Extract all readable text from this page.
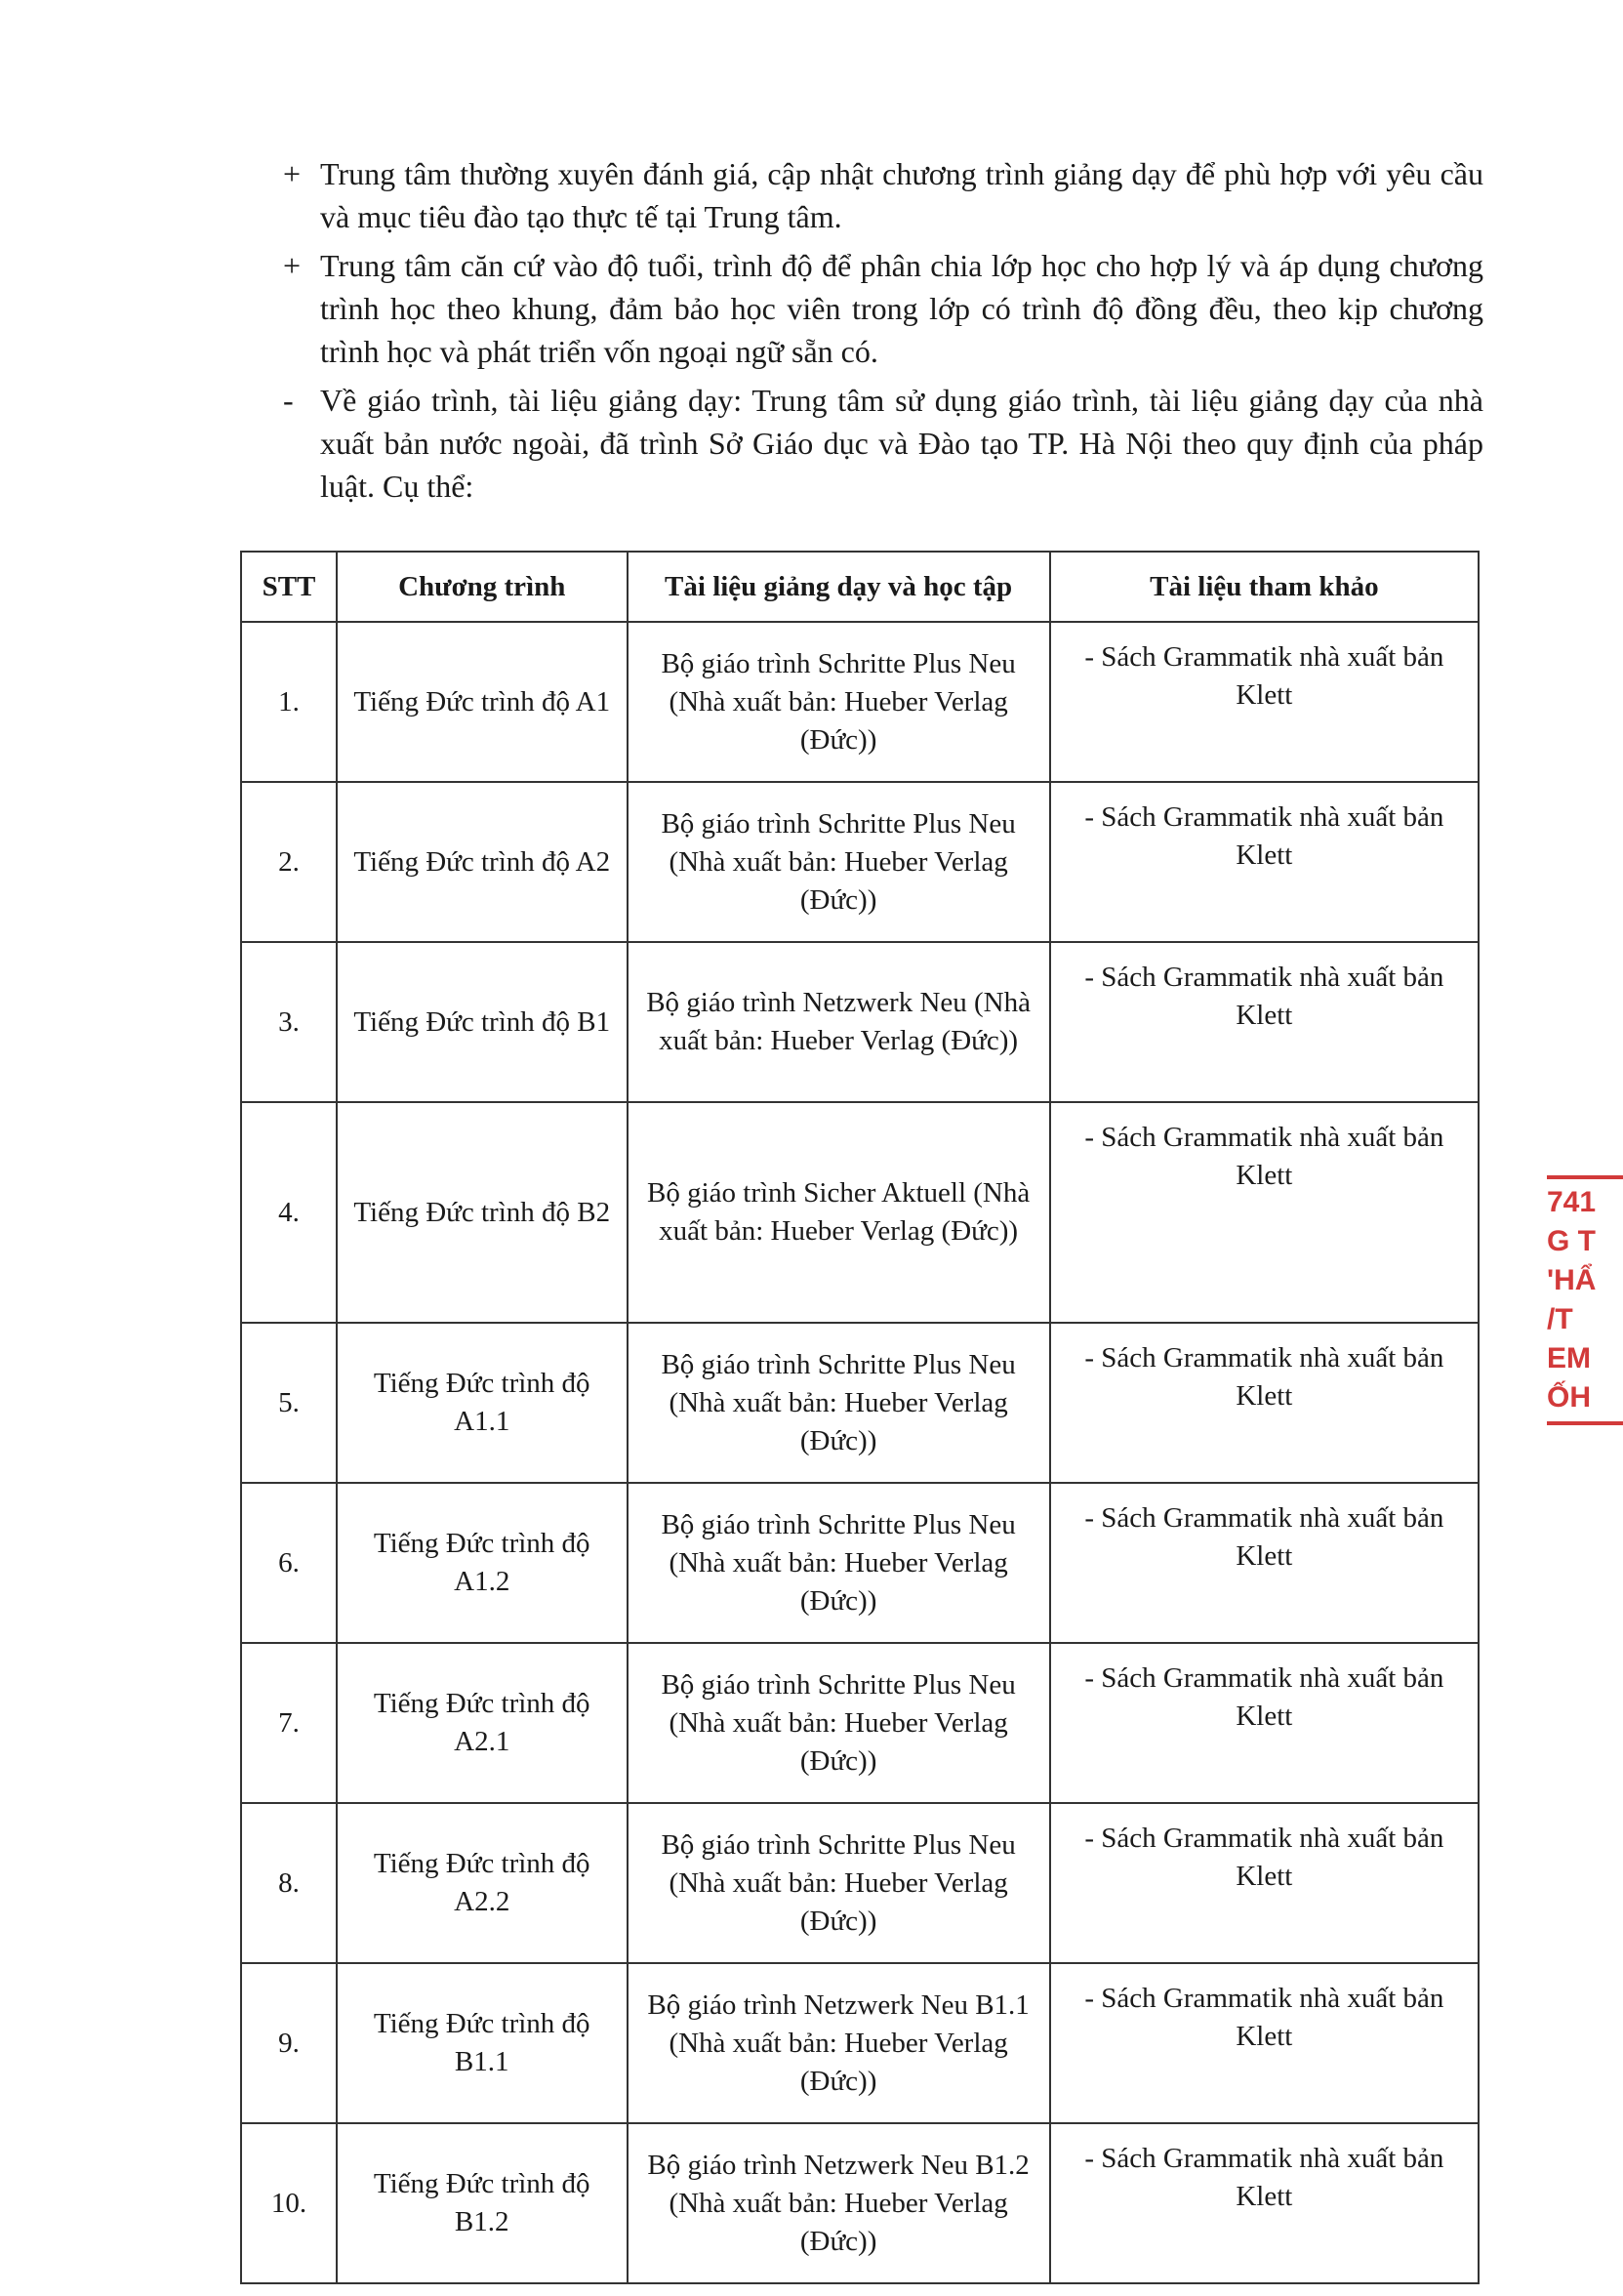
+ Trung tâm thường xuyên đánh giá, cập nhật chương trình giảng dạy để phù hợp với yêu cầu và mục tiêu đào tạo thực tế tại Trung tâm.
+ Trung tâm căn cứ vào độ tuổi, trình độ để phân chia lớp học cho hợp lý và áp dụng chương trình học theo khung, đảm bảo học viên trong lớp có trình độ đồng đều, theo kịp chương trình học và phát triển vốn ngoại ngữ sẵn có.
- Về giáo trình, tài liệu giảng dạy: Trung tâm sử dụng giáo trình, tài liệu giảng dạy của nhà xuất bản nước ngoài, đã trình Sở Giáo dục và Đào tạo TP. Hà Nội theo quy định của pháp luật. Cụ thể:
STT	Chương trình	Tài liệu giảng dạy và học tập	Tài liệu tham khảo
1.	Tiếng Đức trình độ A1	Bộ giáo trình Schritte Plus Neu (Nhà xuất bản: Hueber Verlag (Đức))	- Sách Grammatik nhà xuất bản Klett
2.	Tiếng Đức trình độ A2	Bộ giáo trình Schritte Plus Neu (Nhà xuất bản: Hueber Verlag (Đức))	- Sách Grammatik nhà xuất bản Klett
3.	Tiếng Đức trình độ B1	Bộ giáo trình Netzwerk Neu (Nhà xuất bản: Hueber Verlag (Đức))	- Sách Grammatik nhà xuất bản Klett
4.	Tiếng Đức trình độ B2	Bộ giáo trình Sicher Aktuell (Nhà xuất bản: Hueber Verlag (Đức))	- Sách Grammatik nhà xuất bản Klett
5.	Tiếng Đức trình độ A1.1	Bộ giáo trình Schritte Plus Neu (Nhà xuất bản: Hueber Verlag (Đức))	- Sách Grammatik nhà xuất bản Klett
6.	Tiếng Đức trình độ A1.2	Bộ giáo trình Schritte Plus Neu (Nhà xuất bản: Hueber Verlag (Đức))	- Sách Grammatik nhà xuất bản Klett
7.	Tiếng Đức trình độ A2.1	Bộ giáo trình Schritte Plus Neu (Nhà xuất bản: Hueber Verlag (Đức))	- Sách Grammatik nhà xuất bản Klett
8.	Tiếng Đức trình độ A2.2	Bộ giáo trình Schritte Plus Neu (Nhà xuất bản: Hueber Verlag (Đức))	- Sách Grammatik nhà xuất bản Klett
9.	Tiếng Đức trình độ B1.1	Bộ giáo trình Netzwerk Neu B1.1 (Nhà xuất bản: Hueber Verlag (Đức))	- Sách Grammatik nhà xuất bản Klett
10.	Tiếng Đức trình độ B1.2	Bộ giáo trình Netzwerk Neu B1.2 (Nhà xuất bản: Hueber Verlag (Đức))	- Sách Grammatik nhà xuất bản Klett
741
G T
'HẨ
/T
EM
ỐH
